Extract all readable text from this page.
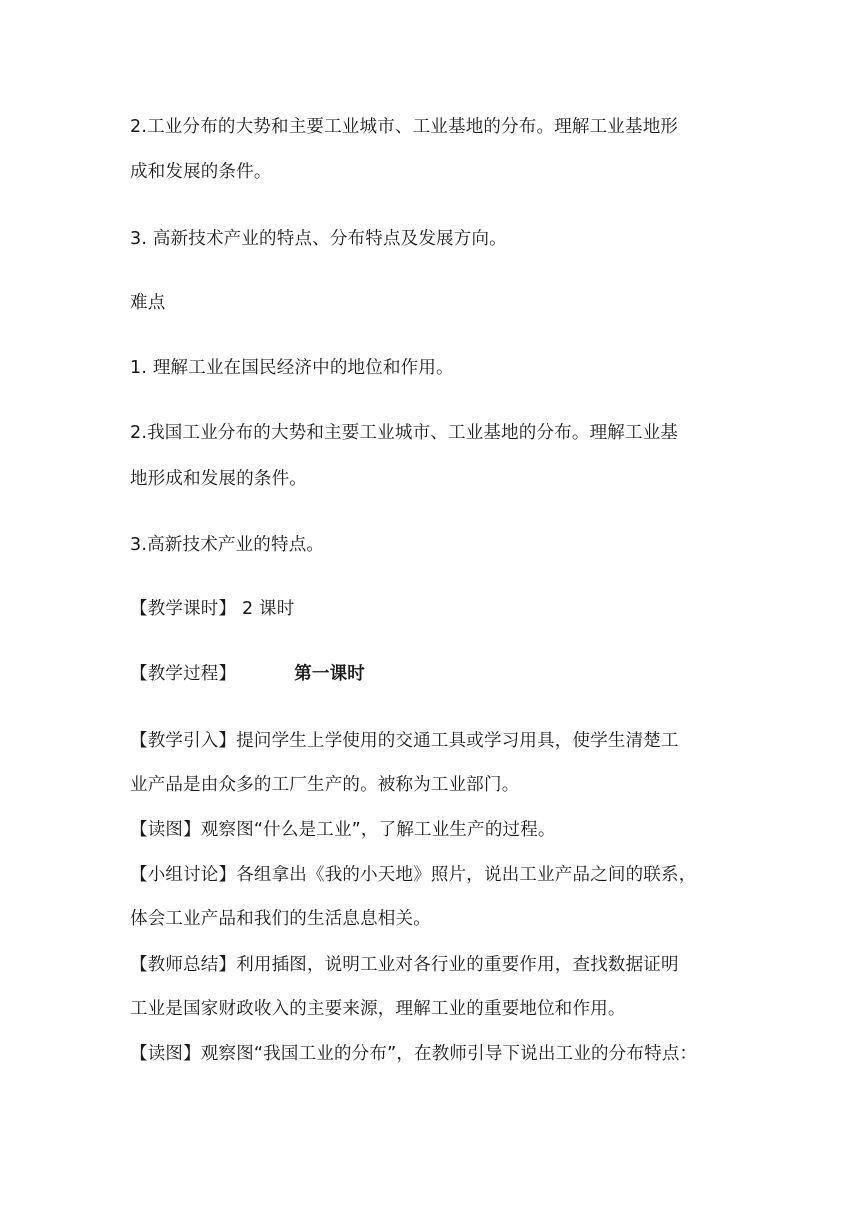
2.工业分布的大势和主要工业城市、工业基地的分布。理解工业基地形
成和发展的条件。
3. 高新技术产业的特点、分布特点及发展方向。
难点
1. 理解工业在国民经济中的地位和作用。
2.我国工业分布的大势和主要工业城市、工业基地的分布。理解工业基
地形成和发展的条件。
3.高新技术产业的特点。
【教学课时】 2 课时
【教学过程】	第一课时
【教学引入】提问学生上学使用的交通工具或学习用具，使学生清楚工
业产品是由众多的工厂生产的。被称为工业部门。
【读图】观察图“什么是工业”，了解工业生产的过程。
【小组讨论】各组拿出《我的小天地》照片，说出工业产品之间的联系，
体会工业产品和我们的生活息息相关。
【教师总结】利用插图，说明工业对各行业的重要作用，查找数据证明
工业是国家财政收入的主要来源，理解工业的重要地位和作用。
【读图】观察图“我国工业的分布”，在教师引导下说出工业的分布特点：
